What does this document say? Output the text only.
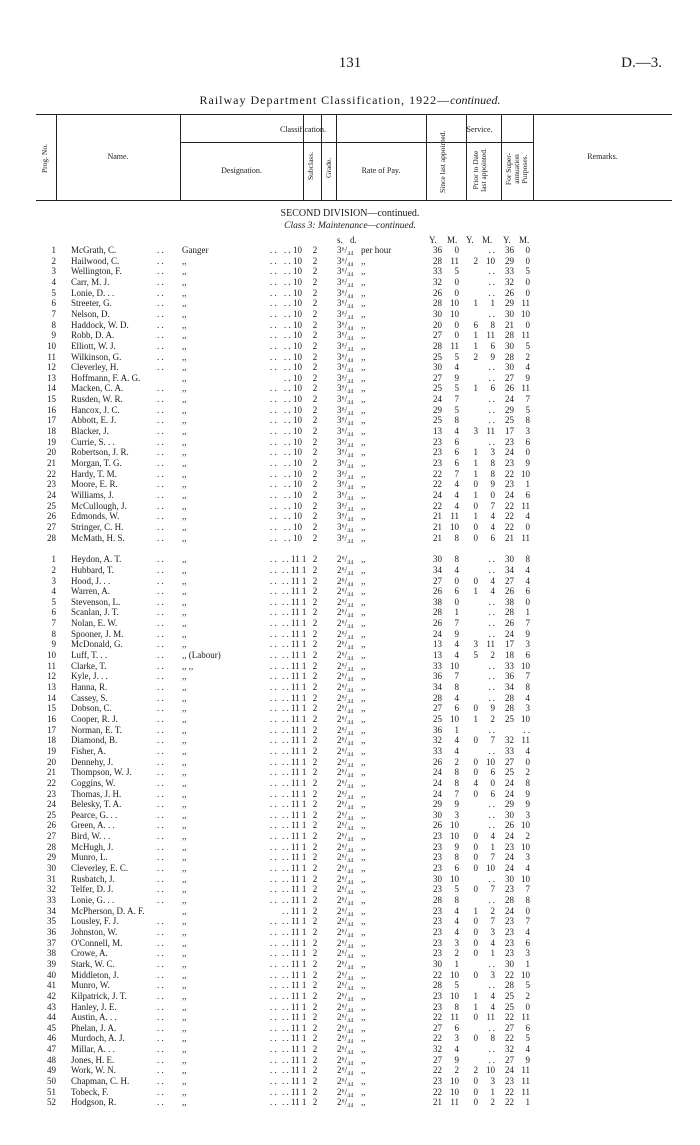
131	D.—3.
Railway Department Classification, 1922—continued.
Prog. No.	Name.
Classification.	Service.
Designation.	Subclass. Grade.	Rate of Pay.	Since last appointed.	Prior to Date last appointed. For Super-annuation Purposes.	Remarks.
SECOND DIVISION—continued.
Class 3: Maintenance—continued.
s. d.	Y. M. Y. M. Y. M.
1 McGrath, C.	. . Ganger	. . . . 10	2	3⁶/₄₄ per hour	36	0	. .	36	0
2 Hailwood, C.	. . ,,	. . . . 10	2	3⁶/₄₄ ,,	28 11	2 10	29	0
3 Wellington, F.	. . ,,	. . . . 10	2	3⁶/₄₄ ,,	33	5	. .	33	5
4 Carr, M. J.	. . ,,	. . . . 10	2	3⁶/₄₄ ,,	32	0	. .	32	0
5 Lonie, D. . .	. . ,,	. . . . 10	2	3⁶/₄₄ ,,	26	0	. .	26	0
6 Streeter, G.	. . ,,	. . . . 10	2	3⁶/₄₄ ,,	28 10	1	1	29 11
7 Nelson, D.	. . ,,	. . . . 10	2	3⁶/₄₄ ,,	30 10	. .	30 10
8 Haddock, W. D.	. . ,,	. . . . 10	2	3⁶/₄₄ ,,	20	0	6	8	21	0
9 Robb, D. A.	. . ,,	. . . . 10	2	3⁶/₄₄ ,,	27	0	1 11	28 11
10 Elliott, W. J.	. . ,,	. . . . 10	2	3⁶/₄₄ ,,	28 11	1	6	30	5
11 Wilkinson, G.	. . ,,	. . . . 10	2	3⁶/₄₄ ,,	25	5	2	9	28	2
12 Cleverley, H.	. . ,,	. . . . 10	2	3⁶/₄₄ ,,	30	4	. .	30	4
13 Hoffmann, F. A. G.	,,	. . 10	2	3⁶/₄₄ ,,	27	9	. .	27	9
14 Macken, C. A.	. . ,,	. . . . 10	2	3⁶/₄₄ ,,	25	5	1	6	26 11
15 Rusden, W. R.	. . ,,	. . . . 10	2	3⁶/₄₄ ,,	24	7	. .	24	7
16 Hancox, J. C.	. . ,,	. . . . 10	2	3⁶/₄₄ ,,	29	5	. .	29	5
17 Abbott, E. J.	. . ,,	. . . . 10	2	3⁶/₄₄ ,,	25	8	. .	25	8
18 Blacker, J.	. . ,,	. . . . 10	2	3⁶/₄₄ ,,	13	4	3 11	17	3
19 Currie, S. . .	. . ,,	. . . . 10	2	3⁶/₄₄ ,,	23	6	. .	23	6
20 Robertson, J. R.	. . ,,	. . . . 10	2	3⁶/₄₄ ,,	23	6	1	3	24	0
21 Morgan, T. G.	. . ,,	. . . . 10	2	3⁶/₄₄ ,,	23	6	1	8	23	9
22 Hardy, T. M.	. . ,,	. . . . 10	2	3⁶/₄₄ ,,	22	7	1	8	22 10
23 Moore, E. R.	. . ,,	. . . . 10	2	3⁶/₄₄ ,,	22	4	0	9	23	1
24 Williams, J.	. . ,,	. . . . 10	2	3⁶/₄₄ ,,	24	4	1	0	24	6
25 McCullough, J.	. . ,,	. . . . 10	2	3⁶/₄₄ ,,	22	4	0	7	22 11
26 Edmonds, W.	. . ,,	. . . . 10	2	3⁶/₄₄ ,,	21 11	1	4	22	4
27 Stringer, C. H.	. . ,,	. . . . 10	2	3⁶/₄₄ ,,	21 10	0	4	22	0
28 McMath, H. S.	. . ,,	. . . . 10	2	3⁶/₄₄ ,,	21	8	0	6	21 11
1 Heydon, A. T.	. . ,,	. . . . 11 1 2	2⁶/₄₄ ,,	30	8	. .	30	8
2 Hubbard, T.	. . ,,	. . . . 11 1 2	2⁶/₄₄ ,,	34	4	. .	34	4
3 Hood, J. . .	. . ,,	. . . . 11 1 2	2⁶/₄₄ ,,	27	0	0	4	27	4
4 Warren, A.	. . ,,	. . . . 11 1 2	2⁶/₄₄ ,,	26	6	1	4	26	6
5 Stevenson, L.	. . ,,	. . . . 11 1 2	2⁶/₄₄ ,,	38	0	. .	38	0
6 Scanlan, J. T.	. . ,,	. . . . 11 1 2	2⁶/₄₄ ,,	28	1	. .	28	1
7 Nolan, E. W.	. . ,,	. . . . 11 1 2	2⁶/₄₄ ,,	26	7	. .	26	7
8 Spooner, J. M.	. . ,,	. . . . 11 1 2	2⁶/₄₄ ,,	24	9	. .	24	9
9 McDonald, G.	. . ,,	. . . . 11 1 2	2⁶/₄₄ ,,	13	4	3 11	17	3
10 Luff, T. . .	. . ,, (Labour)	. . . . 11 1 2	2⁶/₄₄ ,,	13	4	5	2	18	6
11 Clarke, T.	. . ,, ,,	. . . . 11 1 2	2⁶/₄₄ ,,	33 10	. .	33 10
12 Kyle, J. . .	. . ,,	. . . . 11 1 2	2⁶/₄₄ ,,	36	7	. .	36	7
13 Hanna, R.	. . ,,	. . . . 11 1 2	2⁶/₄₄ ,,	34	8	. .	34	8
14 Cassey, S.	. . ,,	. . . . 11 1 2	2⁶/₄₄ ,,	28	4	. .	28	4
15 Dobson, C.	. . ,,	. . . . 11 1 2	2⁶/₄₄ ,,	27	6	0	9	28	3
16 Cooper, R. J.	. . ,,	. . . . 11 1 2	2⁶/₄₄ ,,	25 10	1	2	25 10
17 Norman, E. T.	. . ,,	. . . . 11 1 2	2⁶/₄₄ ,,	36	1	. .	. .
18 Diamond, B.	. . ,,	. . . . 11 1 2	2⁶/₄₄ ,,	32	4	0	7	32 11
19 Fisher, A.	. . ,,	. . . . 11 1 2	2⁶/₄₄ ,,	33	4	. .	33	4
20 Dennehy, J.	. . ,,	. . . . 11 1 2	2⁶/₄₄ ,,	26	2	0 10	27	0
21 Thompson, W. J.	. . ,,	. . . . 11 1 2	2⁶/₄₄ ,,	24	8	0	6	25	2
22 Coggins, W.	. . ,,	. . . . 11 1 2	2⁶/₄₄ ,,	24	8	4	0	24	8
23 Thomas, J. H.	. . ,,	. . . . 11 1 2	2⁶/₄₄ ,,	24	7	0	6	24	9
24 Belesky, T. A.	. . ,,	. . . . 11 1 2	2⁶/₄₄ ,,	29	9	. .	29	9
25 Pearce, G. . .	. . ,,	. . . . 11 1 2	2⁶/₄₄ ,,	30	3	. .	30	3
26 Green, A. . .	. . ,,	. . . . 11 1 2	2⁶/₄₄ ,,	26 10	. .	26 10
27 Bird, W. . .	. . ,,	. . . . 11 1 2	2⁶/₄₄ ,,	23 10	0	4	24	2
28 McHugh, J.	. . ,,	. . . . 11 1 2	2⁶/₄₄ ,,	23	9	0	1	23 10
29 Munro, L.	. . ,,	. . . . 11 1 2	2⁶/₄₄ ,,	23	8	0	7	24	3
30 Cleverley, E. C.	. . ,,	. . . . 11 1 2	2⁶/₄₄ ,,	23	6	0 10	24	4
31 Rusbatch, J.	. . ,,	. . . . 11 1 2	2⁶/₄₄ ,,	30 10	. .	30 10
32 Telfer, D. J.	. . ,,	. . . . 11 1 2	2⁶/₄₄ ,,	23	5	0	7	23	7
33 Lonie, G. . .	. . ,,	. . . . 11 1 2	2⁶/₄₄ ,,	28	8	. .	28	8
34 McPherson, D. A. F.	,,	. . 11 1 2	2⁶/₄₄ ,,	23	4	1	2	24	0
35 Lousley, F. J.	. . ,,	. . . . 11 1 2	2⁶/₄₄ ,,	23	4	0	7	23	7
36 Johnston, W.	. . ,,	. . . . 11 1 2	2⁶/₄₄ ,,	23	4	0	3	23	4
37 O'Connell, M.	. . ,,	. . . . 11 1 2	2⁶/₄₄ ,,	23	3	0	4	23	6
38 Crowe, A.	. . ,,	. . . . 11 1 2	2⁶/₄₄ ,,	23	2	0	1	23	3
39 Stark, W. C.	. . ,,	. . . . 11 1 2	2⁶/₄₄ ,,	30	1	. .	30	1
40 Middleton, J.	. . ,,	. . . . 11 1 2	2⁶/₄₄ ,,	22 10	0	3	22 10
41 Munro, W.	. . ,,	. . . . 11 1 2	2⁶/₄₄ ,,	28	5	. .	28	5
42 Kilpatrick, J. T.	. . ,,	. . . . 11 1 2	2⁶/₄₄ ,,	23 10	1	4	25	2
43 Hanley, J. E.	. . ,,	. . . . 11 1 2	2⁶/₄₄ ,,	23	8	1	4	25	0
44 Austin, A. . .	. . ,,	. . . . 11 1 2	2⁶/₄₄ ,,	22 11	0 11	22 11
45 Phelan, J. A.	. . ,,	. . . . 11 1 2	2⁶/₄₄ ,,	27	6	. .	27	6
46 Murdoch, A. J.	. . ,,	. . . . 11 1 2	2⁶/₄₄ ,,	22	3	0	8	22	5
47 Millar, A. . .	. . ,,	. . . . 11 1 2	2⁶/₄₄ ,,	32	4	. .	32	4
48 Jones, H. E.	. . ,,	. . . . 11 1 2	2⁶/₄₄ ,,	27	9	. .	27	9
49 Work, W. N.	. . ,,	. . . . 11 1 2	2⁶/₄₄ ,,	22	2	2 10	24 11
50 Chapman, C. H.	. . ,,	. . . . 11 1 2	2⁶/₄₄ ,,	23 10	0	3	23 11
51 Tobeck, F.	. . ,,	. . . . 11 1 2	2⁶/₄₄ ,,	22 10	0	1	22 11
52 Hodgson, R.	. . ,,	. . . . 11 1 2	2⁶/₄₄ ,,	21 11	0	2	22	1
